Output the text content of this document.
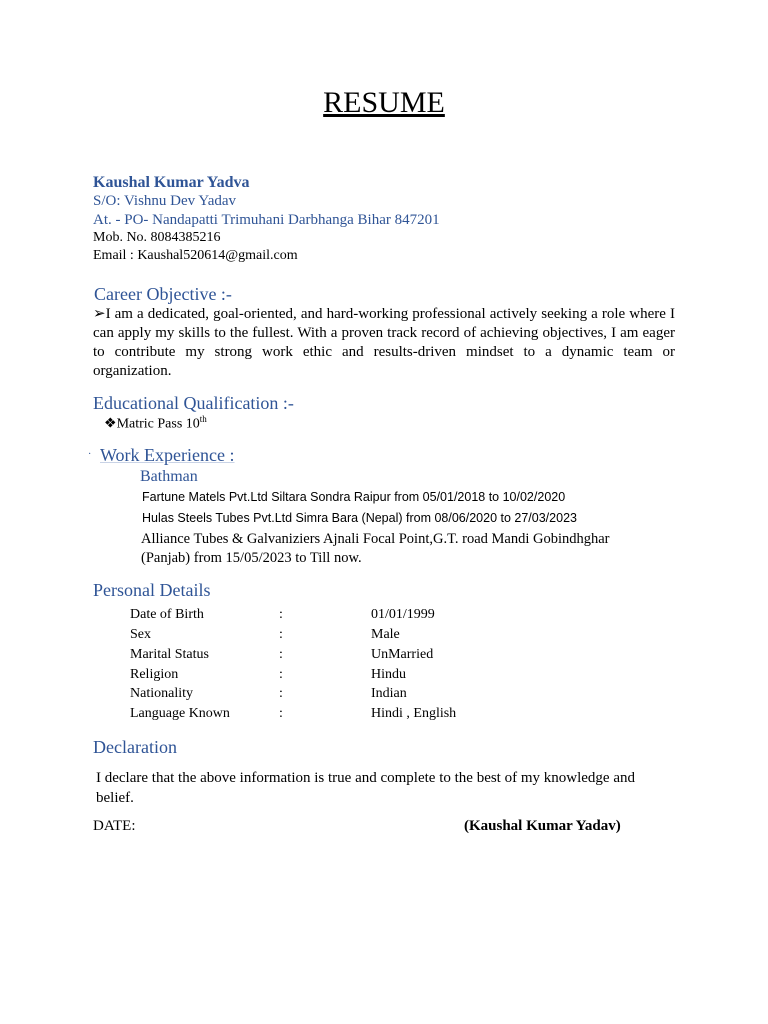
RESUME
Kaushal Kumar Yadva
S/O: Vishnu Dev Yadav
At. - PO- Nandapatti Trimuhani Darbhanga Bihar 847201
Mob. No. 8084385216
Email : Kaushal520614@gmail.com
Career Objective :-
➢I am a dedicated, goal-oriented, and hard-working professional actively seeking a role where I can apply my skills to the fullest. With a proven track record of achieving objectives, I am eager to contribute my strong work ethic and results-driven mindset to a dynamic team or organization.
Educational Qualification :-
❖Matric Pass 10th
· Work Experience :
Bathman
Fartune Matels Pvt.Ltd Siltara Sondra Raipur from 05/01/2018 to 10/02/2020
Hulas Steels Tubes Pvt.Ltd Simra Bara (Nepal) from 08/06/2020 to 27/03/2023
Alliance Tubes & Galvaniziers Ajnali Focal Point,G.T. road Mandi Gobindhghar (Panjab) from 15/05/2023 to Till now.
Personal Details
Date of Birth	:	01/01/1999
Sex	:	Male
Marital Status	:	UnMarried
Religion	:	Hindu
Nationality	:	Indian
Language Known	:	Hindi , English
Declaration
I declare that the above information is true and complete to the best of my knowledge and belief.
DATE:	(Kaushal Kumar Yadav)
